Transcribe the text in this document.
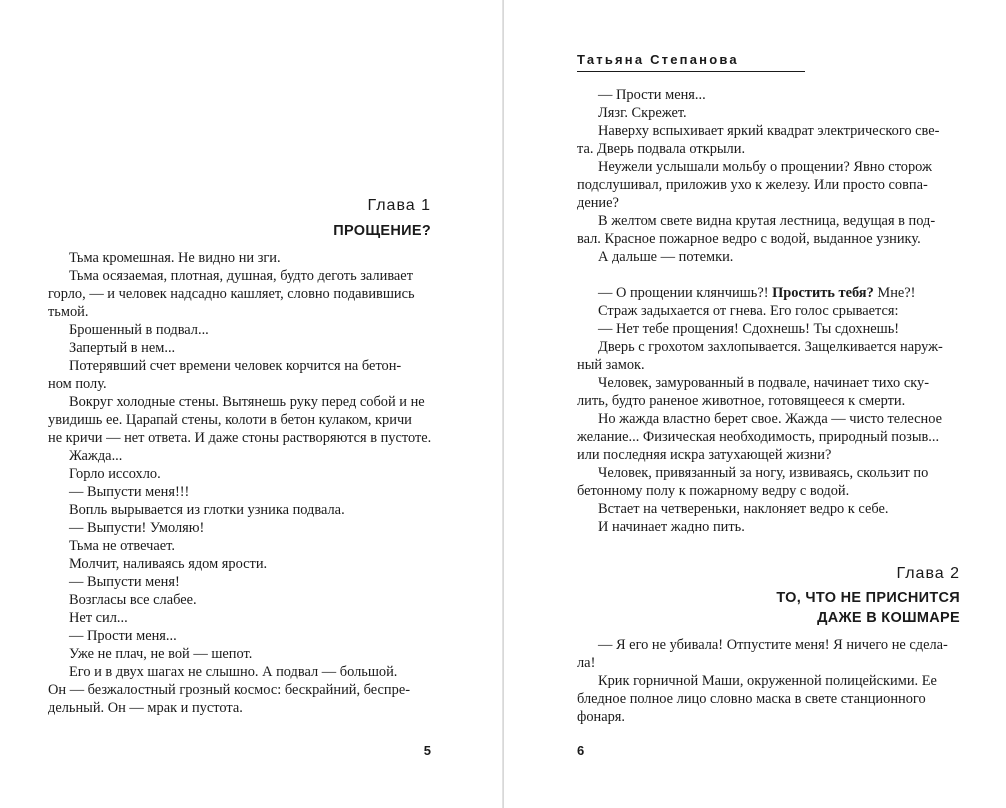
Глава 1
ПРОЩЕНИЕ?
Тьма кромешная. Не видно ни зги.
Тьма осязаемая, плотная, душная, будто деготь заливает
горло, — и человек надсадно кашляет, словно подавившись
тьмой.
Брошенный в подвал...
Запертый в нем...
Потерявший счет времени человек корчится на бетон-
ном полу.
Вокруг холодные стены. Вытянешь руку перед собой и не
увидишь ее. Царапай стены, колоти в бетон кулаком, кричи
не кричи — нет ответа. И даже стоны растворяются в пустоте.
Жажда...
Горло иссохло.
— Выпусти меня!!!
Вопль вырывается из глотки узника подвала.
— Выпусти! Умоляю!
Тьма не отвечает.
Молчит, наливаясь ядом ярости.
— Выпусти меня!
Возгласы все слабее.
Нет сил...
— Прости меня...
Уже не плач, не вой — шепот.
Его и в двух шагах не слышно. А подвал — большой.
Он — безжалостный грозный космос: бескрайний, беспре-
дельный. Он — мрак и пустота.
5
Татьяна Степанова
— Прости меня...
Лязг. Скрежет.
Наверху вспыхивает яркий квадрат электрического све-
та. Дверь подвала открыли.
Неужели услышали мольбу о прощении? Явно сторож
подслушивал, приложив ухо к железу. Или просто совпа-
дение?
В желтом свете видна крутая лестница, ведущая в под-
вал. Красное пожарное ведро с водой, выданное узнику.
А дальше — потемки.
— О прощении клянчишь?! Простить тебя? Мне?!
Страж задыхается от гнева. Его голос срывается:
— Нет тебе прощения! Сдохнешь! Ты сдохнешь!
Дверь с грохотом захлопывается. Защелкивается наруж-
ный замок.
Человек, замурованный в подвале, начинает тихо ску-
лить, будто раненое животное, готовящееся к смерти.
Но жажда властно берет свое. Жажда — чисто телесное
желание... Физическая необходимость, природный позыв...
или последняя искра затухающей жизни?
Человек, привязанный за ногу, извиваясь, скользит по
бетонному полу к пожарному ведру с водой.
Встает на четвереньки, наклоняет ведро к себе.
И начинает жадно пить.
Глава 2
ТО, ЧТО НЕ ПРИСНИТСЯ
ДАЖЕ В КОШМАРЕ
— Я его не убивала! Отпустите меня! Я ничего не сдела-
ла!
Крик горничной Маши, окруженной полицейскими. Ее
бледное полное лицо словно маска в свете станционного
фонаря.
6
